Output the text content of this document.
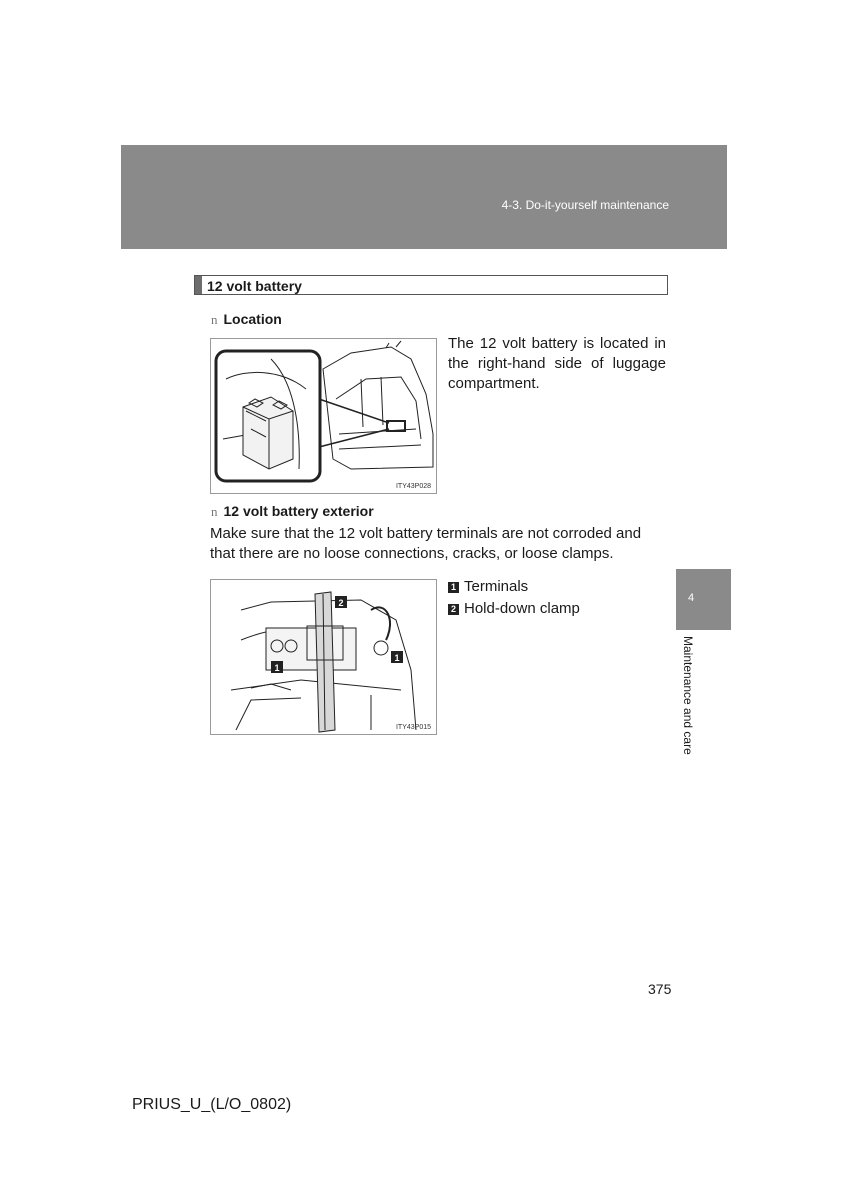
4-3. Do-it-yourself maintenance
12 volt battery
n Location
ITY43P028
The 12 volt battery is located in the right-hand side of luggage compartment.
n 12 volt battery exterior
Make sure that the 12 volt battery terminals are not corroded and that there are no loose connections, cracks, or loose clamps.
2
1
1
ITY43P015
1 Terminals
2 Hold-down clamp
4
Maintenance and care
375
PRIUS_U_(L/O_0802)
